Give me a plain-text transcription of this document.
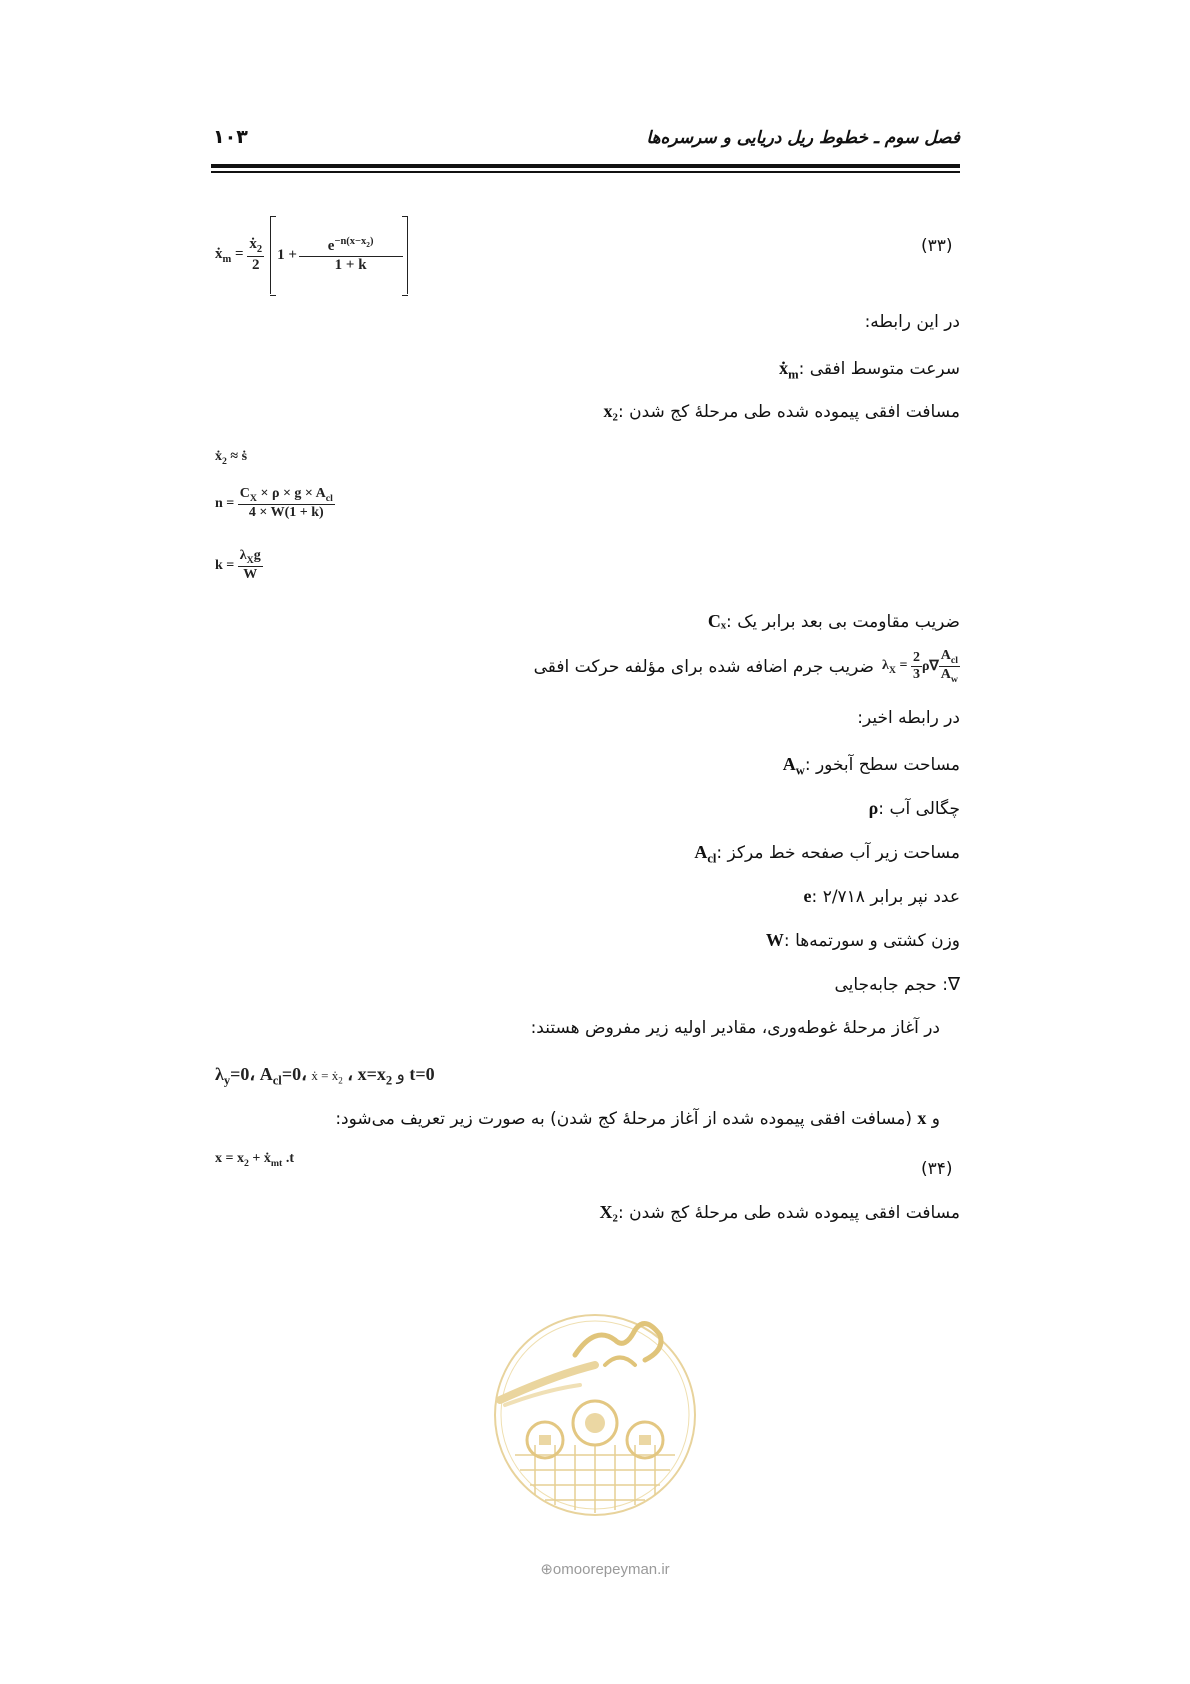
۱۰۳	فصل سوم ـ خطوط ریل دریایی و سرسره‌ها
ẋ$_m$ = $\frac{ẋ_2}{2} 1 + \frac{e^{-n(x-x_2)}}{1 + k}$	(۳۳)
در این رابطه:
ẋ$_m$: سرعت متوسط افقی
x₂: مسافت افقی پیموده شده طی مرحلهٔ کج شدن
ẋ$_2$ ≈ ṡ
$n = \frac{C_X \times \rho \times g \times A_{cl}}{4 \times W(1 + k)}$
$k = \frac{\lambda_Xg}{W}$
Cₓ: ضریب مقاومت بی بعد برابر یک
ضریب جرم اضافه شده برای مؤلفه حرکت افقی $\lambda_X = \frac{2}{3} \rho\nabla \frac{A_{cl}}{A_w}$
در رابطه اخیر:
$A_w$: مساحت سطح آبخور
ρ: چگالی آب
$A_{cl}$: مساحت زیر آب صفحه خط مرکز
e: عدد نپر برابر ۲/۷۱۸
W: وزن کشتی و سورتمه‌ها
∇: حجم جابه‌جایی
در آغاز مرحلهٔ غوطه‌وری، مقادیر اولیه زیر مفروض هستند:
$\lambda_y=0،$ $A_{cl}=0،$ ẋ = ẋ$_2$ ، $x=x_2$ و t=0
و x (مسافت افقی پیموده شده از آغاز مرحلهٔ کج شدن) به صورت زیر تعریف می‌شود:
$x = x_2$ + ẋ$_{mt}$ .t
(۳۴)
X₂: مسافت افقی پیموده شده طی مرحلهٔ کج شدن
⊕omoorepeyman.ir
